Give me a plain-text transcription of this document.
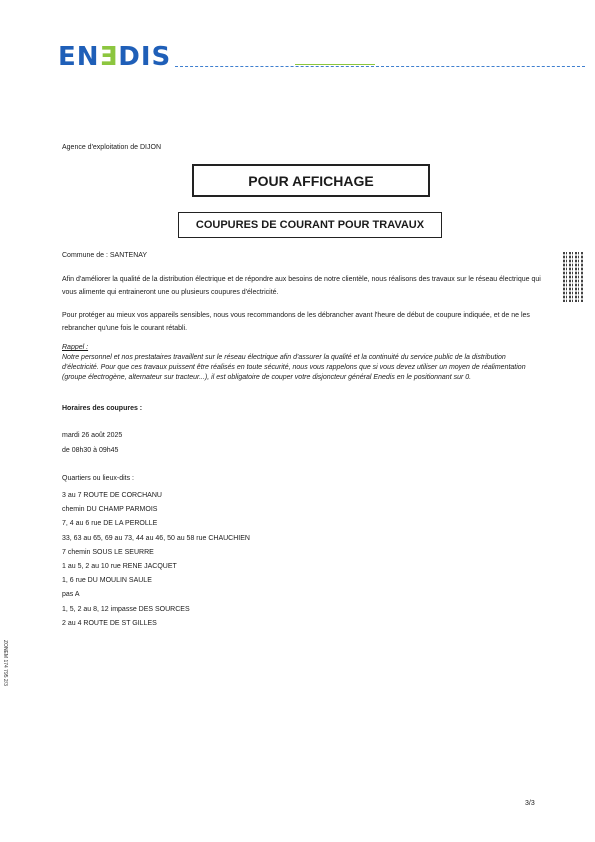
ENƎDIS
Agence d'exploitation de DIJON
POUR AFFICHAGE
COUPURES DE COURANT POUR TRAVAUX
Commune de : SANTENAY
Afin d'améliorer la qualité de la distribution électrique et de répondre aux besoins de notre clientèle, nous réalisons des travaux sur le réseau électrique qui vous alimente qui entraineront une ou plusieurs coupures d'électricité.
Pour protéger au mieux vos appareils sensibles, nous vous recommandons de les débrancher avant l'heure de début de coupure indiquée, et de ne les rebrancher qu'une fois le courant rétabli.
Rappel :
Notre personnel et nos prestataires travaillent sur le réseau électrique afin d'assurer la qualité et la continuité du service public de la distribution d'électricité. Pour que ces travaux puissent être réalisés en toute sécurité, nous vous rappelons que si vous devez utiliser un moyen de réalimentation (groupe électrogène, alternateur sur tracteur...), il est obligatoire de couper votre disjoncteur général Enedis en le positionnant sur 0.
Horaires des coupures :
mardi 26 août 2025
de 08h30 à 09h45
Quartiers ou lieux-dits :
3 au 7 ROUTE DE CORCHANU
chemin DU CHAMP PARMOIS
7, 4 au 6 rue DE LA PEROLLE
33, 63 au 65, 69 au 73, 44 au 46, 50 au 58 rue CHAUCHIEN
7 chemin SOUS LE SEURRE
1 au 5, 2 au 10 rue RENE JACQUET
1, 6 rue DU MOULIN SAULE
pas A
1, 5, 2 au 8, 12 impasse DES SOURCES
2 au 4 ROUTE DE ST GILLES
ZONEM 174 795 2/3
3/3
